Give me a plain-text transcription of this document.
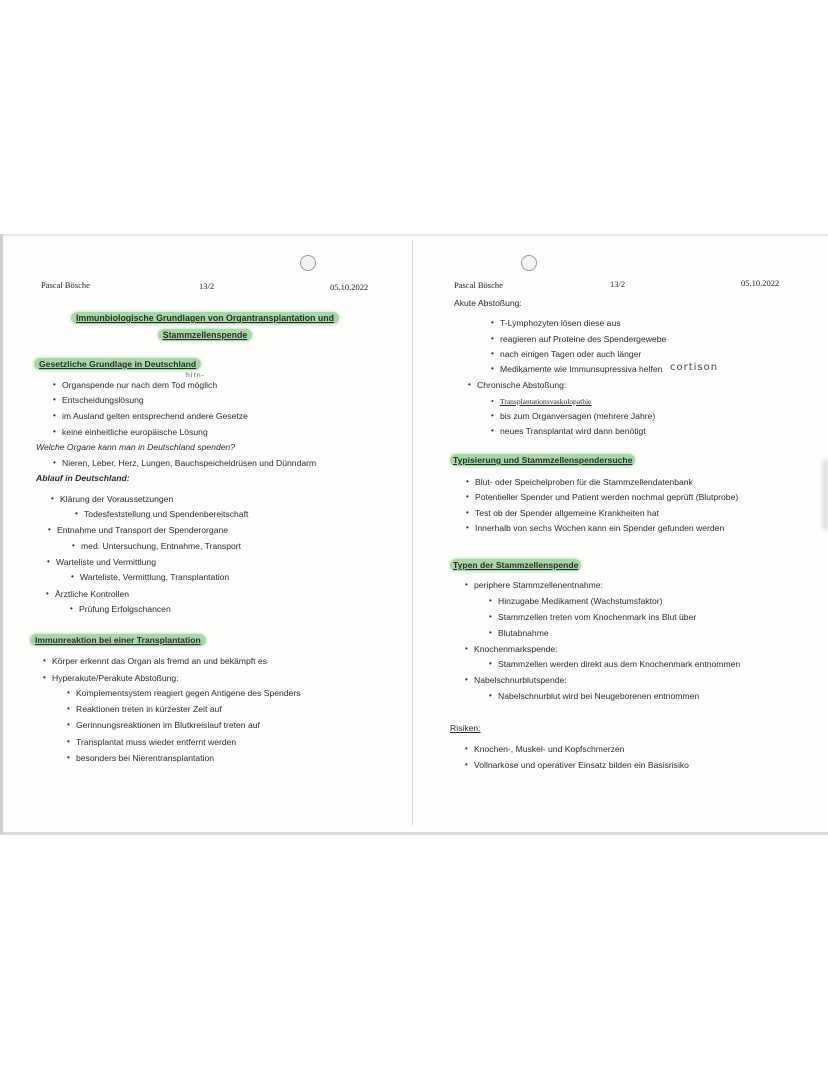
Pascal Bösche	13/2	05.10.2022
Immunbiologische Grundlagen von Organtransplantation und
Stammzellenspende
Gesetzliche Grundlage in Deutschland
hirn-
• Organspende nur nach dem Tod möglich
• Entscheidungslösung
• im Ausland gelten entsprechend andere Gesetze
• keine einheitliche europäische Lösung
Welche Organe kann man in Deutschland spenden?
• Nieren, Leber, Herz, Lungen, Bauchspeicheldrüsen und Dünndarm
Ablauf in Deutschland:
• Klärung der Voraussetzungen
• Todesfeststellung und Spendenbereitschaft
• Entnahme und Transport der Spenderorgane
• med. Untersuchung, Entnahme, Transport
• Warteliste und Vermittlung
• Warteliste, Vermittlung, Transplantation
• Ärztliche Kontrollen
• Prüfung Erfolgschancen
Immunreaktion bei einer Transplantation
• Körper erkennt das Organ als fremd an und bekämpft es
• Hyperakute/Perakute Abstoßung:
• Komplementsystem reagiert gegen Antigene des Spenders
• Reaktionen treten in kürzester Zeit auf
• Gerinnungsreaktionen im Blutkreislauf treten auf
• Transplantat muss wieder entfernt werden
• besonders bei Nierentransplantation
Pascal Bösche	13/2	05.10.2022
Akute Abstoßung:
• T-Lymphozyten lösen diese aus
• reagieren auf Proteine des Spendergewebe
• nach einigen Tagen oder auch länger
• Medikamente wie Immunsupressiva helfen cortison
• Chronische Abstoßung:
• Transplantationsvaskulopathie
• bis zum Organversagen (mehrere Jahre)
• neues Transplantat wird dann benötigt
Typisierung und Stammzellenspendersuche
• Blut- oder Speichelproben für die Stammzellendatenbank
• Potentieller Spender und Patient werden nochmal geprüft (Blutprobe)
• Test ob der Spender allgemeine Krankheiten hat
• Innerhalb von sechs Wochen kann ein Spender gefunden werden
Typen der Stammzellenspende
• periphere Stammzellenentnahme:
• Hinzugabe Medikament (Wachstumsfaktor)
• Stammzellen treten vom Knochenmark ins Blut über
• Blutabnahme
• Knochenmarkspende:
• Stammzellen werden direkt aus dem Knochenmark entnommen
• Nabelschnurblutspende:
• Nabelschnurblut wird bei Neugeborenen entnommen
Risiken:
• Knochen-, Muskel- und Kopfschmerzen
• Vollnarkose und operativer Einsatz bilden ein Basisrisiko
